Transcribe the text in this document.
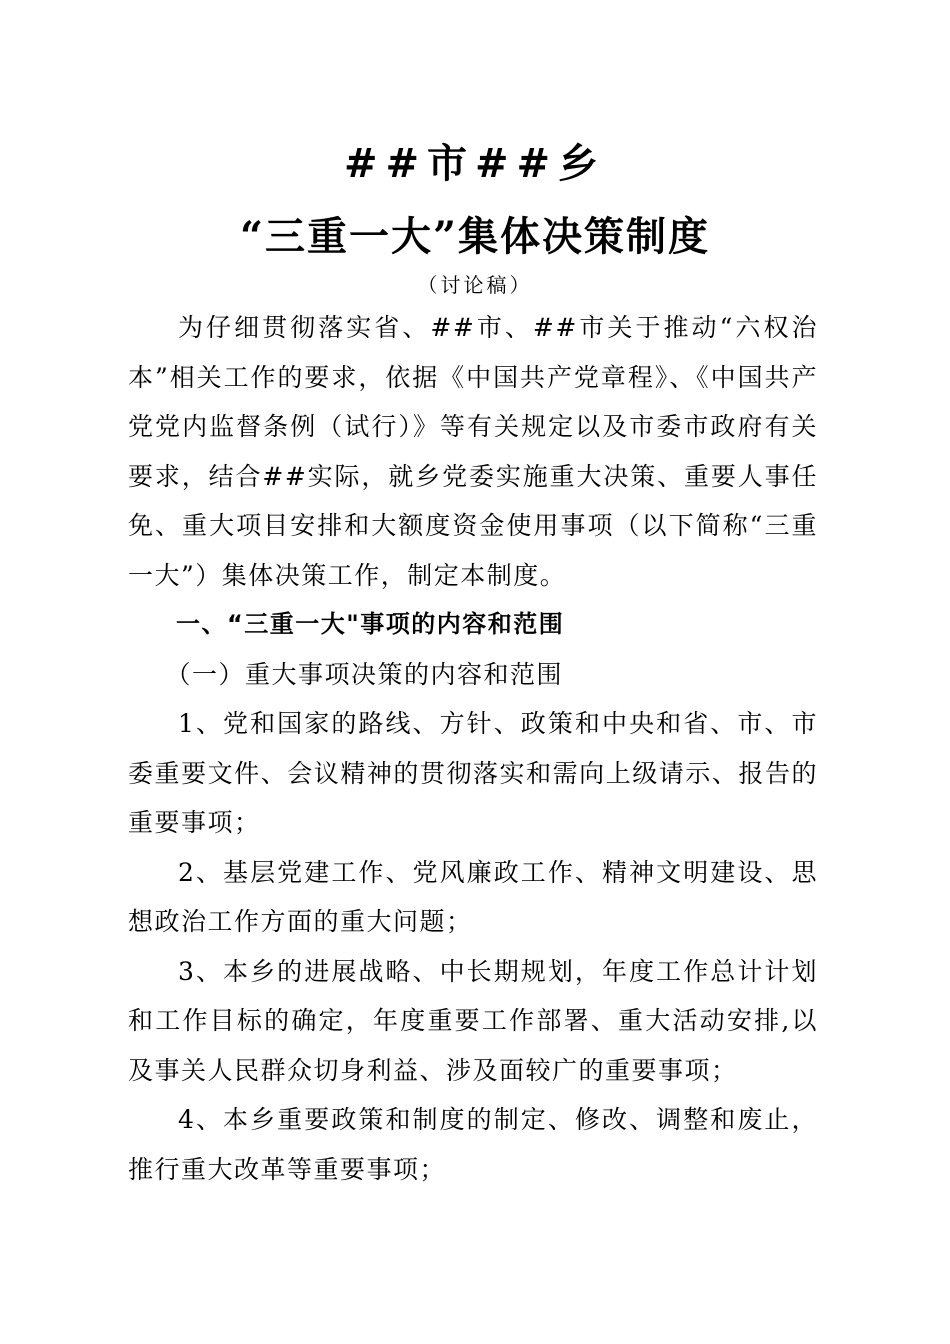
##市##乡
“三重一大”集体决策制度
（讨论稿）

为仔细贯彻落实省、##市、##市关于推动“六权治本”相关工作的要求，依据《中国共产党章程》、《中国共产党党内监督条例（试行）》等有关规定以及市委市政府有关要求，结合##实际，就乡党委实施重大决策、重要人事任免、重大项目安排和大额度资金使用事项（以下简称“三重一大”）集体决策工作，制定本制度。

一、“三重一大"事项的内容和范围

（一）重大事项决策的内容和范围

1、党和国家的路线、方针、政策和中央和省、市、市委重要文件、会议精神的贯彻落实和需向上级请示、报告的重要事项；

2、基层党建工作、党风廉政工作、精神文明建设、思想政治工作方面的重大问题；

3、本乡的进展战略、中长期规划，年度工作总计计划和工作目标的确定，年度重要工作部署、重大活动安排,以及事关人民群众切身利益、涉及面较广的重要事项；

4、本乡重要政策和制度的制定、修改、调整和废止，推行重大改革等重要事项；
